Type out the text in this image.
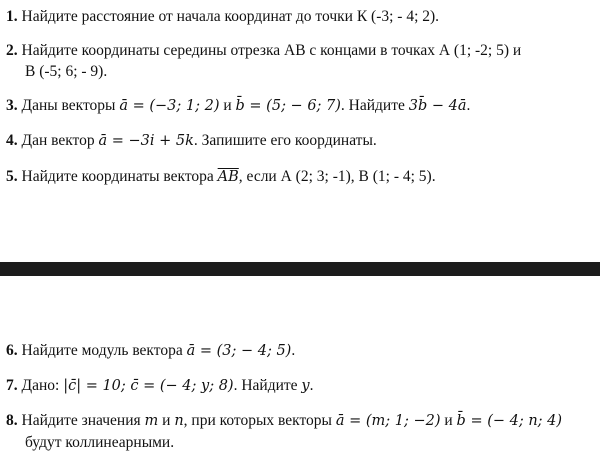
1. Найдите расстояние от начала координат до точки К (-3; - 4; 2).
2. Найдите координаты середины отрезка АВ с концами в точках А (1; -2; 5) и
В (-5; 6; - 9).
3. Даны векторы ā = (−3; 1; 2) и b̄ = (5; − 6; 7). Найдите 3b̄ − 4ā.
4. Дан вектор ā = −3i + 5k. Запишите его координаты.
5. Найдите координаты вектора $\overline{AB}$, если А (2; 3; -1), В (1; - 4; 5).
6. Найдите модуль вектора ā = (3; − 4; 5).
7. Дано: |c̄| = 10; c̄ = (− 4; y; 8). Найдите y.
8. Найдите значения m и n, при которых векторы ā = (m; 1; −2) и b̄ = (− 4; n; 4)
будут коллинеарными.
